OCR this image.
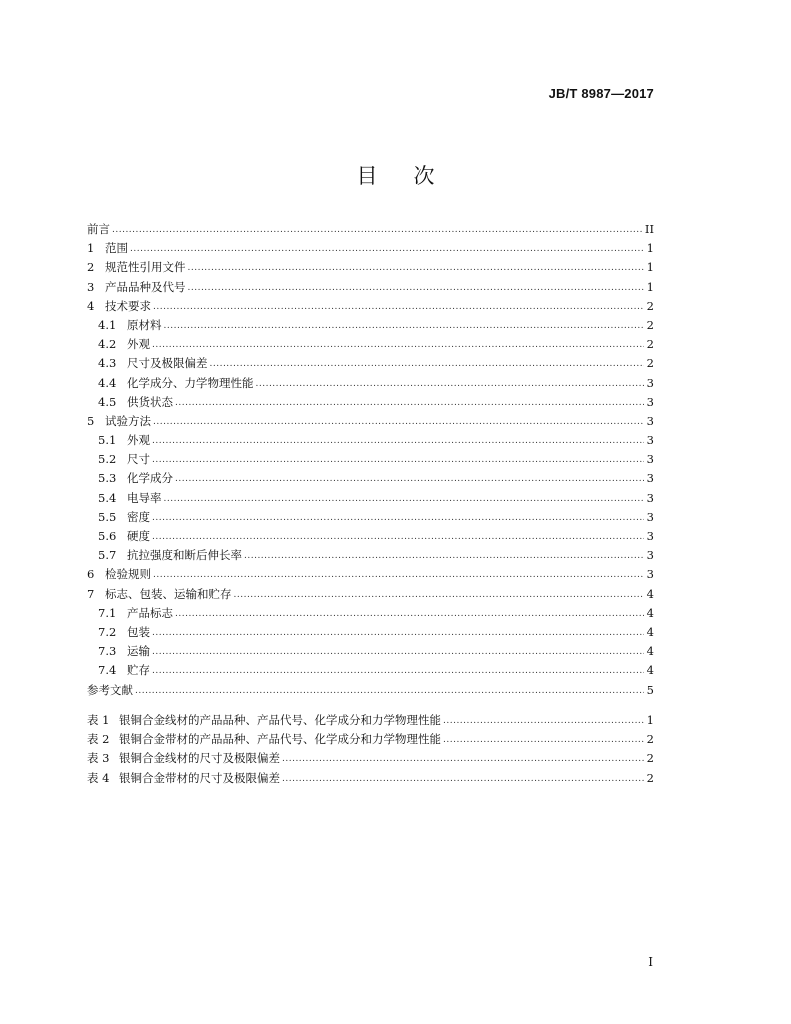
JB/T 8987—2017
目次
前言 .....	II
1 范围 .....	1
2 规范性引用文件 .....	1
3 产品品种及代号 .....	1
4 技术要求 .....	2
4.1 原材料 .....	2
4.2 外观 .....	2
4.3 尺寸及极限偏差 .....	2
4.4 化学成分、力学物理性能 .....	3
4.5 供货状态 .....	3
5 试验方法 .....	3
5.1 外观 .....	3
5.2 尺寸 .....	3
5.3 化学成分 .....	3
5.4 电导率 .....	3
5.5 密度 .....	3
5.6 硬度 .....	3
5.7 抗拉强度和断后伸长率 .....	3
6 检验规则 .....	3
7 标志、包装、运输和贮存 .....	4
7.1 产品标志 .....	4
7.2 包装 .....	4
7.3 运输 .....	4
7.4 贮存 .....	4
参考文献 .....	5
表 1 银铜合金线材的产品品种、产品代号、化学成分和力学物理性能 .....	1
表 2 银铜合金带材的产品品种、产品代号、化学成分和力学物理性能 .....	2
表 3 银铜合金线材的尺寸及极限偏差 .....	2
表 4 银铜合金带材的尺寸及极限偏差 .....	2
I
